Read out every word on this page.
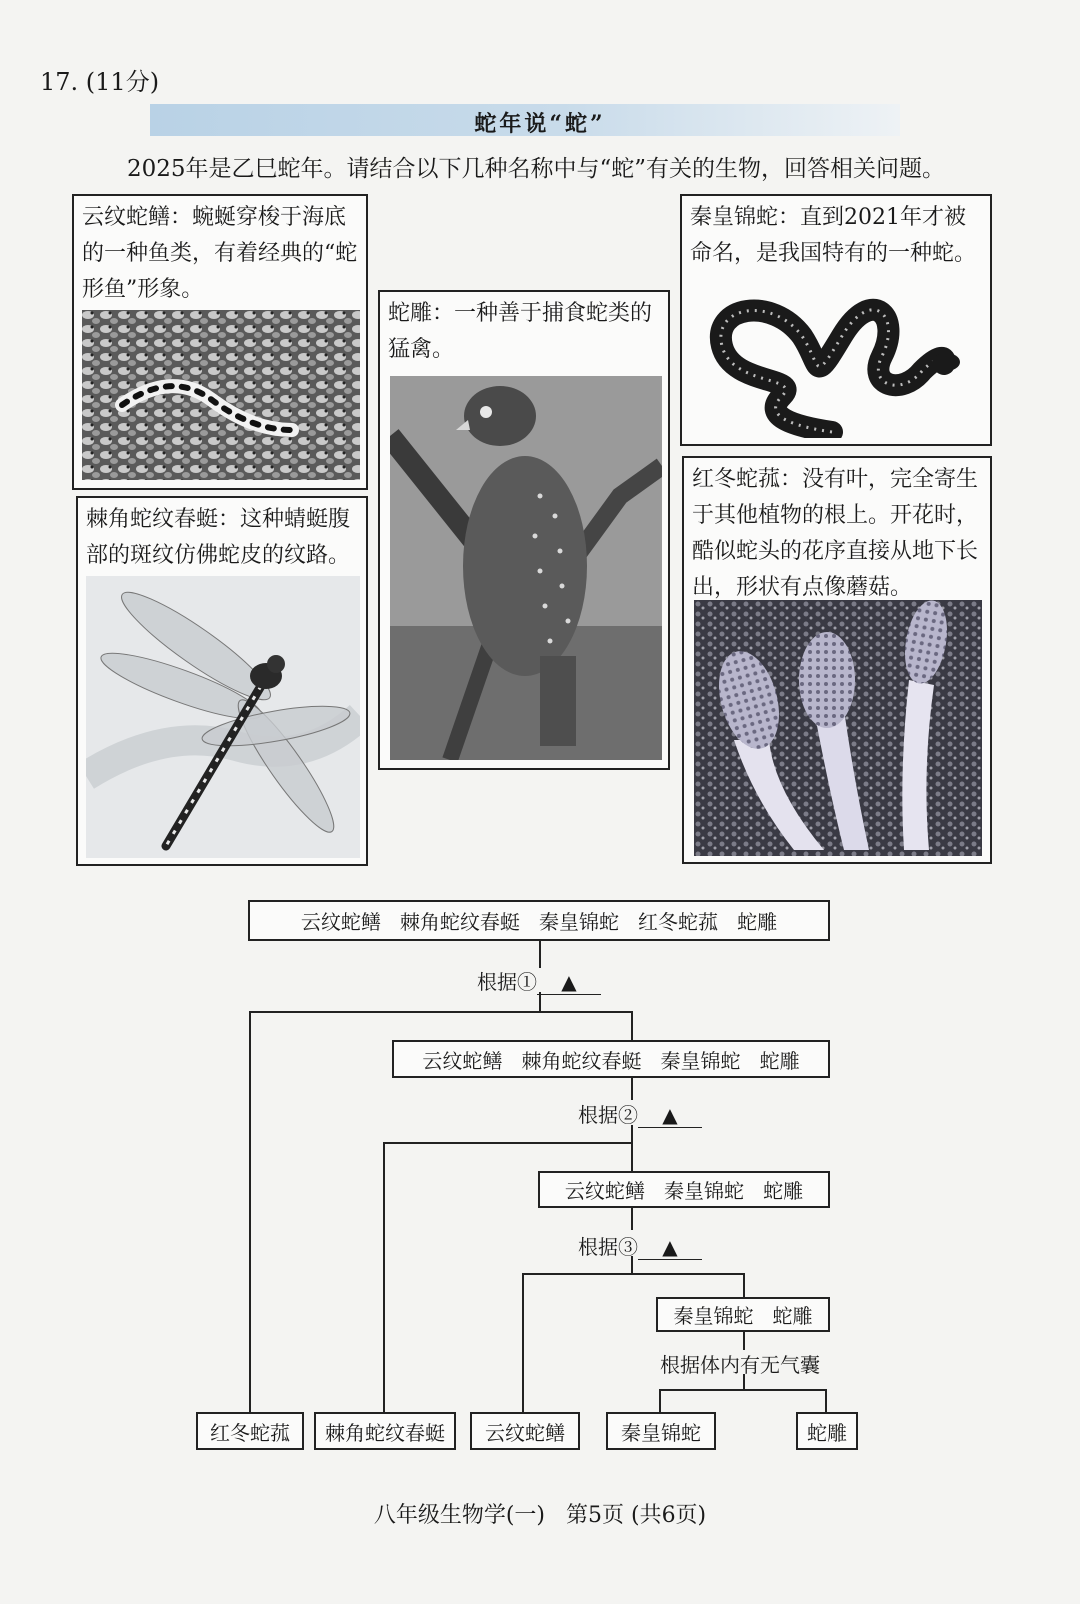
17. (11分)
蛇年说“蛇”
2025年是乙巳蛇年。请结合以下几种名称中与“蛇”有关的生物，回答相关问题。
云纹蛇鳝：蜿蜒穿梭于海底的一种鱼类，有着经典的“蛇形鱼”形象。
蛇雕：一种善于捕食蛇类的猛禽。
秦皇锦蛇：直到2021年才被命名，是我国特有的一种蛇。
棘角蛇纹春蜓：这种蜻蜓腹部的斑纹仿佛蛇皮的纹路。
红冬蛇菰：没有叶，完全寄生于其他植物的根上。开花时，酷似蛇头的花序直接从地下长出，形状有点像蘑菇。
云纹蛇鳝   棘角蛇纹春蜓   秦皇锦蛇   红冬蛇菰   蛇雕
根据① ▲
云纹蛇鳝   棘角蛇纹春蜓   秦皇锦蛇   蛇雕
根据② ▲
云纹蛇鳝   秦皇锦蛇   蛇雕
根据③ ▲
秦皇锦蛇   蛇雕
根据体内有无气囊
红冬蛇菰	棘角蛇纹春蜓	云纹蛇鳝	秦皇锦蛇	蛇雕
八年级生物学(一)   第5页 (共6页)
